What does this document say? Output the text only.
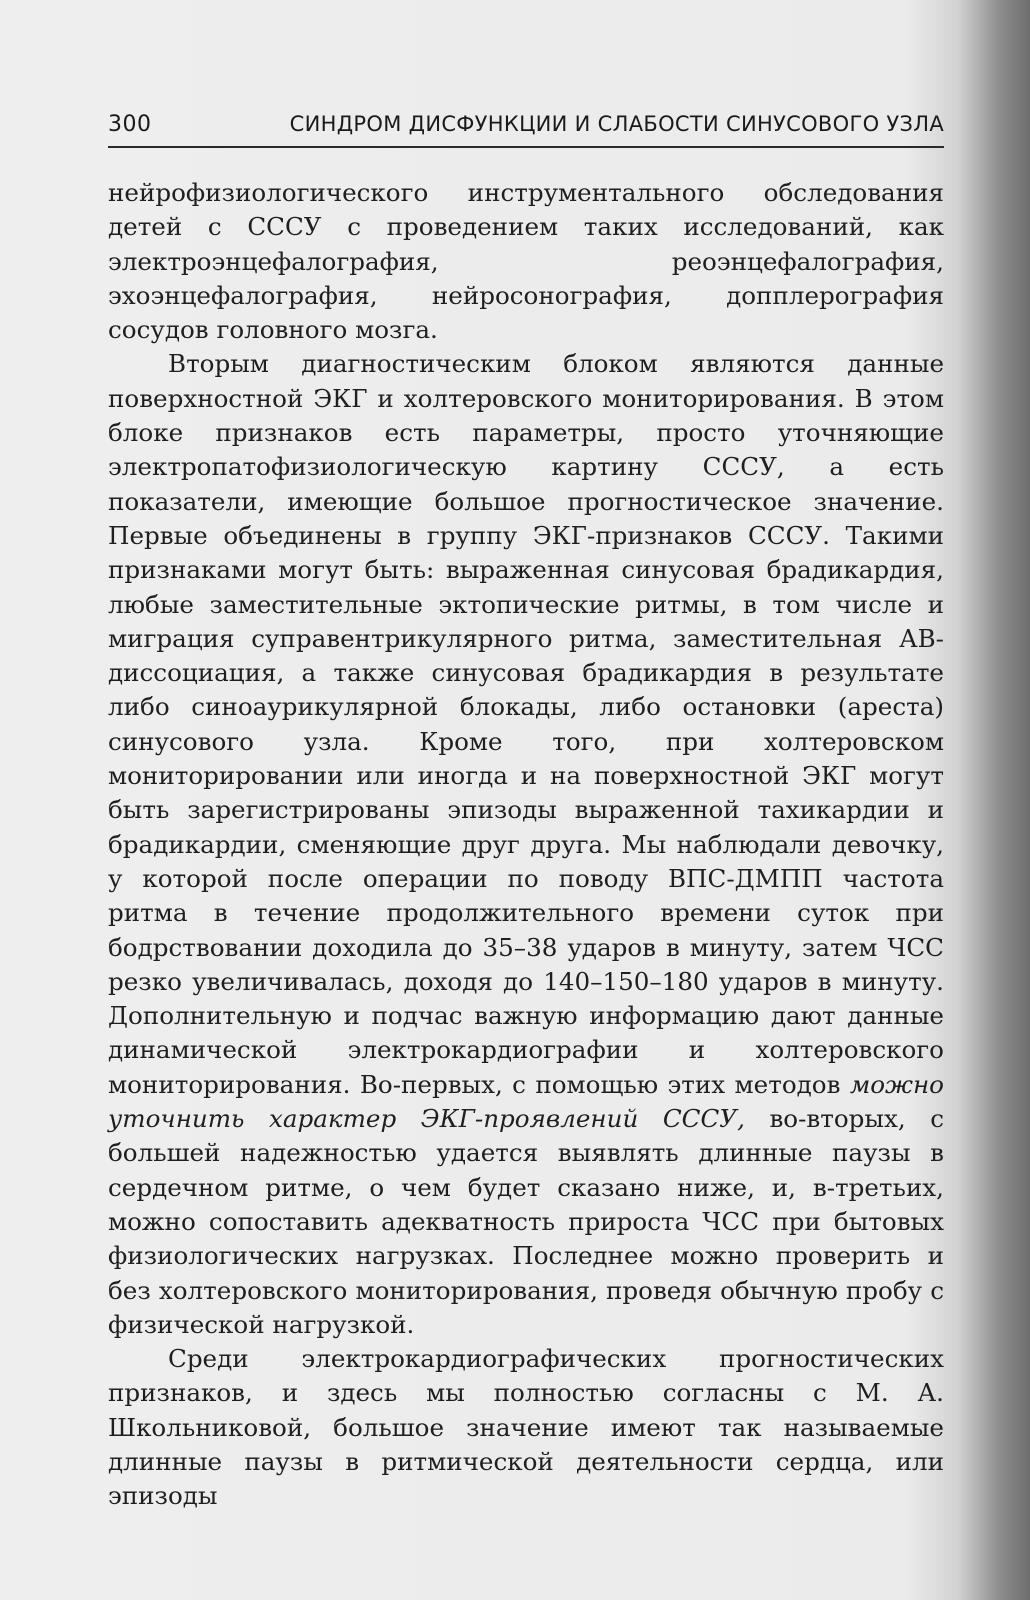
300	СИНДРОМ ДИСФУНКЦИИ И СЛАБОСТИ СИНУСОВОГО УЗЛА

нейрофизиологического инструментального обследования детей с СССУ с проведением таких исследований, как электроэнцефалография, реоэнцефалография, эхоэнцефалография, нейросонография, допплерография сосудов головного мозга.

Вторым диагностическим блоком являются данные поверхностной ЭКГ и холтеровского мониторирования. В этом блоке признаков есть параметры, просто уточняющие электропатофизиологическую картину СССУ, а есть показатели, имеющие большое прогностическое значение. Первые объединены в группу ЭКГ-признаков СССУ. Такими признаками могут быть: выраженная синусовая брадикардия, любые заместительные эктопические ритмы, в том числе и миграция суправентрикулярного ритма, заместительная АВ-диссоциация, а также синусовая брадикардия в результате либо синоаурикулярной блокады, либо остановки (ареста) синусового узла. Кроме того, при холтеровском мониторировании или иногда и на поверхностной ЭКГ могут быть зарегистрированы эпизоды выраженной тахикардии и брадикардии, сменяющие друг друга. Мы наблюдали девочку, у которой после операции по поводу ВПС-ДМПП частота ритма в течение продолжительного времени суток при бодрствовании доходила до 35–38 ударов в минуту, затем ЧСС резко увеличивалась, доходя до 140–150–180 ударов в минуту. Дополнительную и подчас важную информацию дают данные динамической электрокардиографии и холтеровского мониторирования. Во-первых, с помощью этих методов можно уточнить характер ЭКГ-проявлений СССУ, во-вторых, с большей надежностью удается выявлять длинные паузы в сердечном ритме, о чем будет сказано ниже, и, в-третьих, можно сопоставить адекватность прироста ЧСС при бытовых физиологических нагрузках. Последнее можно проверить и без холтеровского мониторирования, проведя обычную пробу с физической нагрузкой.

Среди электрокардиографических прогностических признаков, и здесь мы полностью согласны с М. А. Школьниковой, большое значение имеют так называемые длинные паузы в ритмической деятельности сердца, или эпизоды
